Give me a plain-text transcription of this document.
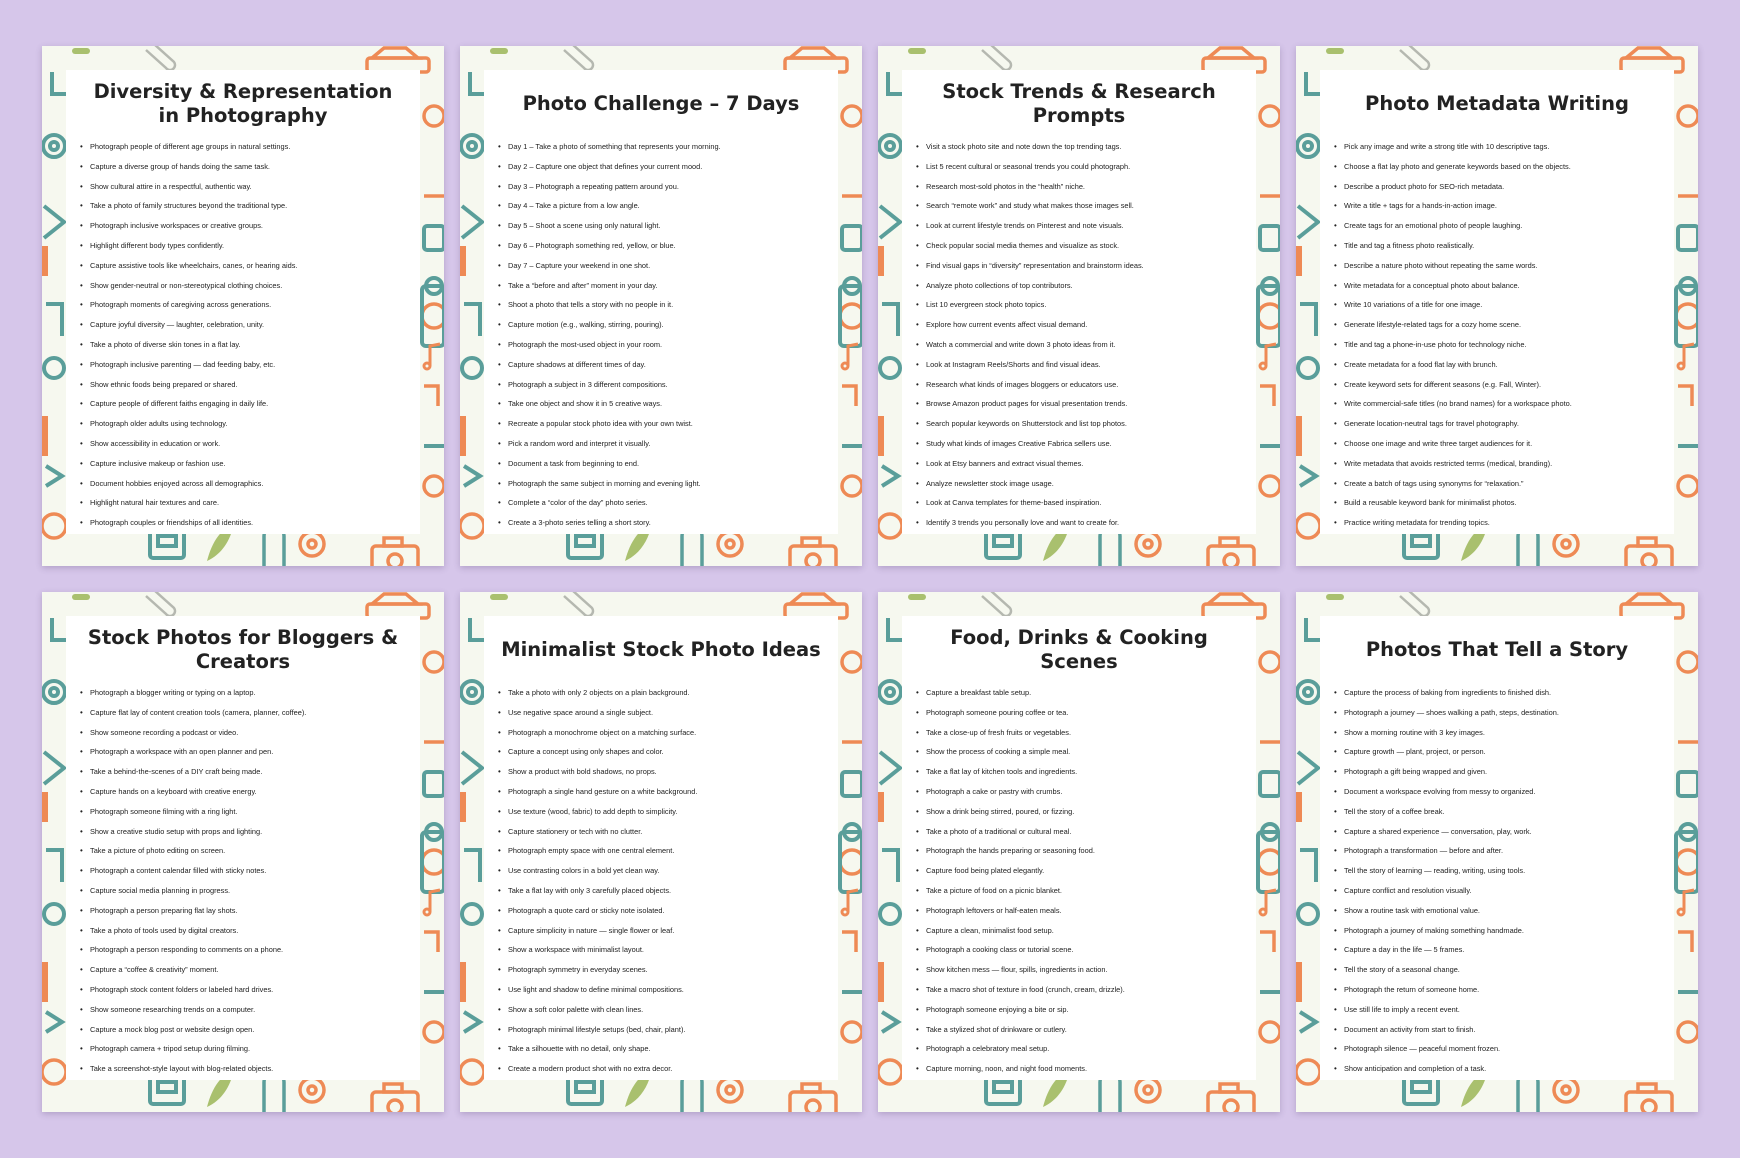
Diversity & Representation in Photography
• Photograph people of different age groups in natural settings.
• Capture a diverse group of hands doing the same task.
• Show cultural attire in a respectful, authentic way.
• Take a photo of family structures beyond the traditional type.
• Photograph inclusive workspaces or creative groups.
• Highlight different body types confidently.
• Capture assistive tools like wheelchairs, canes, or hearing aids.
• Show gender-neutral or non-stereotypical clothing choices.
• Photograph moments of caregiving across generations.
• Capture joyful diversity — laughter, celebration, unity.
• Take a photo of diverse skin tones in a flat lay.
• Photograph inclusive parenting — dad feeding baby, etc.
• Show ethnic foods being prepared or shared.
• Capture people of different faiths engaging in daily life.
• Photograph older adults using technology.
• Show accessibility in education or work.
• Capture inclusive makeup or fashion use.
• Document hobbies enjoyed across all demographics.
• Highlight natural hair textures and care.
• Photograph couples or friendships of all identities.
Photo Challenge – 7 Days
• Day 1 – Take a photo of something that represents your morning.
• Day 2 – Capture one object that defines your current mood.
• Day 3 – Photograph a repeating pattern around you.
• Day 4 – Take a picture from a low angle.
• Day 5 – Shoot a scene using only natural light.
• Day 6 – Photograph something red, yellow, or blue.
• Day 7 – Capture your weekend in one shot.
• Take a “before and after” moment in your day.
• Shoot a photo that tells a story with no people in it.
• Capture motion (e.g., walking, stirring, pouring).
• Photograph the most-used object in your room.
• Capture shadows at different times of day.
• Photograph a subject in 3 different compositions.
• Take one object and show it in 5 creative ways.
• Recreate a popular stock photo idea with your own twist.
• Pick a random word and interpret it visually.
• Document a task from beginning to end.
• Photograph the same subject in morning and evening light.
• Complete a “color of the day” photo series.
• Create a 3-photo series telling a short story.
Stock Trends & Research Prompts
• Visit a stock photo site and note down the top trending tags.
• List 5 recent cultural or seasonal trends you could photograph.
• Research most-sold photos in the “health” niche.
• Search “remote work” and study what makes those images sell.
• Look at current lifestyle trends on Pinterest and note visuals.
• Check popular social media themes and visualize as stock.
• Find visual gaps in “diversity” representation and brainstorm ideas.
• Analyze photo collections of top contributors.
• List 10 evergreen stock photo topics.
• Explore how current events affect visual demand.
• Watch a commercial and write down 3 photo ideas from it.
• Look at Instagram Reels/Shorts and find visual ideas.
• Research what kinds of images bloggers or educators use.
• Browse Amazon product pages for visual presentation trends.
• Search popular keywords on Shutterstock and list top photos.
• Study what kinds of images Creative Fabrica sellers use.
• Look at Etsy banners and extract visual themes.
• Analyze newsletter stock image usage.
• Look at Canva templates for theme-based inspiration.
• Identify 3 trends you personally love and want to create for.
Photo Metadata Writing
• Pick any image and write a strong title with 10 descriptive tags.
• Choose a flat lay photo and generate keywords based on the objects.
• Describe a product photo for SEO-rich metadata.
• Write a title + tags for a hands-in-action image.
• Create tags for an emotional photo of people laughing.
• Title and tag a fitness photo realistically.
• Describe a nature photo without repeating the same words.
• Write metadata for a conceptual photo about balance.
• Write 10 variations of a title for one image.
• Generate lifestyle-related tags for a cozy home scene.
• Title and tag a phone-in-use photo for technology niche.
• Create metadata for a food flat lay with brunch.
• Create keyword sets for different seasons (e.g. Fall, Winter).
• Write commercial-safe titles (no brand names) for a workspace photo.
• Generate location-neutral tags for travel photography.
• Choose one image and write three target audiences for it.
• Write metadata that avoids restricted terms (medical, branding).
• Create a batch of tags using synonyms for “relaxation.”
• Build a reusable keyword bank for minimalist photos.
• Practice writing metadata for trending topics.
Stock Photos for Bloggers & Creators
• Photograph a blogger writing or typing on a laptop.
• Capture flat lay of content creation tools (camera, planner, coffee).
• Show someone recording a podcast or video.
• Photograph a workspace with an open planner and pen.
• Take a behind-the-scenes of a DIY craft being made.
• Capture hands on a keyboard with creative energy.
• Photograph someone filming with a ring light.
• Show a creative studio setup with props and lighting.
• Take a picture of photo editing on screen.
• Photograph a content calendar filled with sticky notes.
• Capture social media planning in progress.
• Photograph a person preparing flat lay shots.
• Take a photo of tools used by digital creators.
• Photograph a person responding to comments on a phone.
• Capture a “coffee & creativity” moment.
• Photograph stock content folders or labeled hard drives.
• Show someone researching trends on a computer.
• Capture a mock blog post or website design open.
• Photograph camera + tripod setup during filming.
• Take a screenshot-style layout with blog-related objects.
Minimalist Stock Photo Ideas
• Take a photo with only 2 objects on a plain background.
• Use negative space around a single subject.
• Photograph a monochrome object on a matching surface.
• Capture a concept using only shapes and color.
• Show a product with bold shadows, no props.
• Photograph a single hand gesture on a white background.
• Use texture (wood, fabric) to add depth to simplicity.
• Capture stationery or tech with no clutter.
• Photograph empty space with one central element.
• Use contrasting colors in a bold yet clean way.
• Take a flat lay with only 3 carefully placed objects.
• Photograph a quote card or sticky note isolated.
• Capture simplicity in nature — single flower or leaf.
• Show a workspace with minimalist layout.
• Photograph symmetry in everyday scenes.
• Use light and shadow to define minimal compositions.
• Show a soft color palette with clean lines.
• Photograph minimal lifestyle setups (bed, chair, plant).
• Take a silhouette with no detail, only shape.
• Create a modern product shot with no extra decor.
Food, Drinks & Cooking Scenes
• Capture a breakfast table setup.
• Photograph someone pouring coffee or tea.
• Take a close-up of fresh fruits or vegetables.
• Show the process of cooking a simple meal.
• Take a flat lay of kitchen tools and ingredients.
• Photograph a cake or pastry with crumbs.
• Show a drink being stirred, poured, or fizzing.
• Take a photo of a traditional or cultural meal.
• Photograph the hands preparing or seasoning food.
• Capture food being plated elegantly.
• Take a picture of food on a picnic blanket.
• Photograph leftovers or half-eaten meals.
• Capture a clean, minimalist food setup.
• Photograph a cooking class or tutorial scene.
• Show kitchen mess — flour, spills, ingredients in action.
• Take a macro shot of texture in food (crunch, cream, drizzle).
• Photograph someone enjoying a bite or sip.
• Take a stylized shot of drinkware or cutlery.
• Photograph a celebratory meal setup.
• Capture morning, noon, and night food moments.
Photos That Tell a Story
• Capture the process of baking from ingredients to finished dish.
• Photograph a journey — shoes walking a path, steps, destination.
• Show a morning routine with 3 key images.
• Capture growth — plant, project, or person.
• Photograph a gift being wrapped and given.
• Document a workspace evolving from messy to organized.
• Tell the story of a coffee break.
• Capture a shared experience — conversation, play, work.
• Photograph a transformation — before and after.
• Tell the story of learning — reading, writing, using tools.
• Capture conflict and resolution visually.
• Show a routine task with emotional value.
• Photograph a journey of making something handmade.
• Capture a day in the life — 5 frames.
• Tell the story of a seasonal change.
• Photograph the return of someone home.
• Use still life to imply a recent event.
• Document an activity from start to finish.
• Photograph silence — peaceful moment frozen.
• Show anticipation and completion of a task.
